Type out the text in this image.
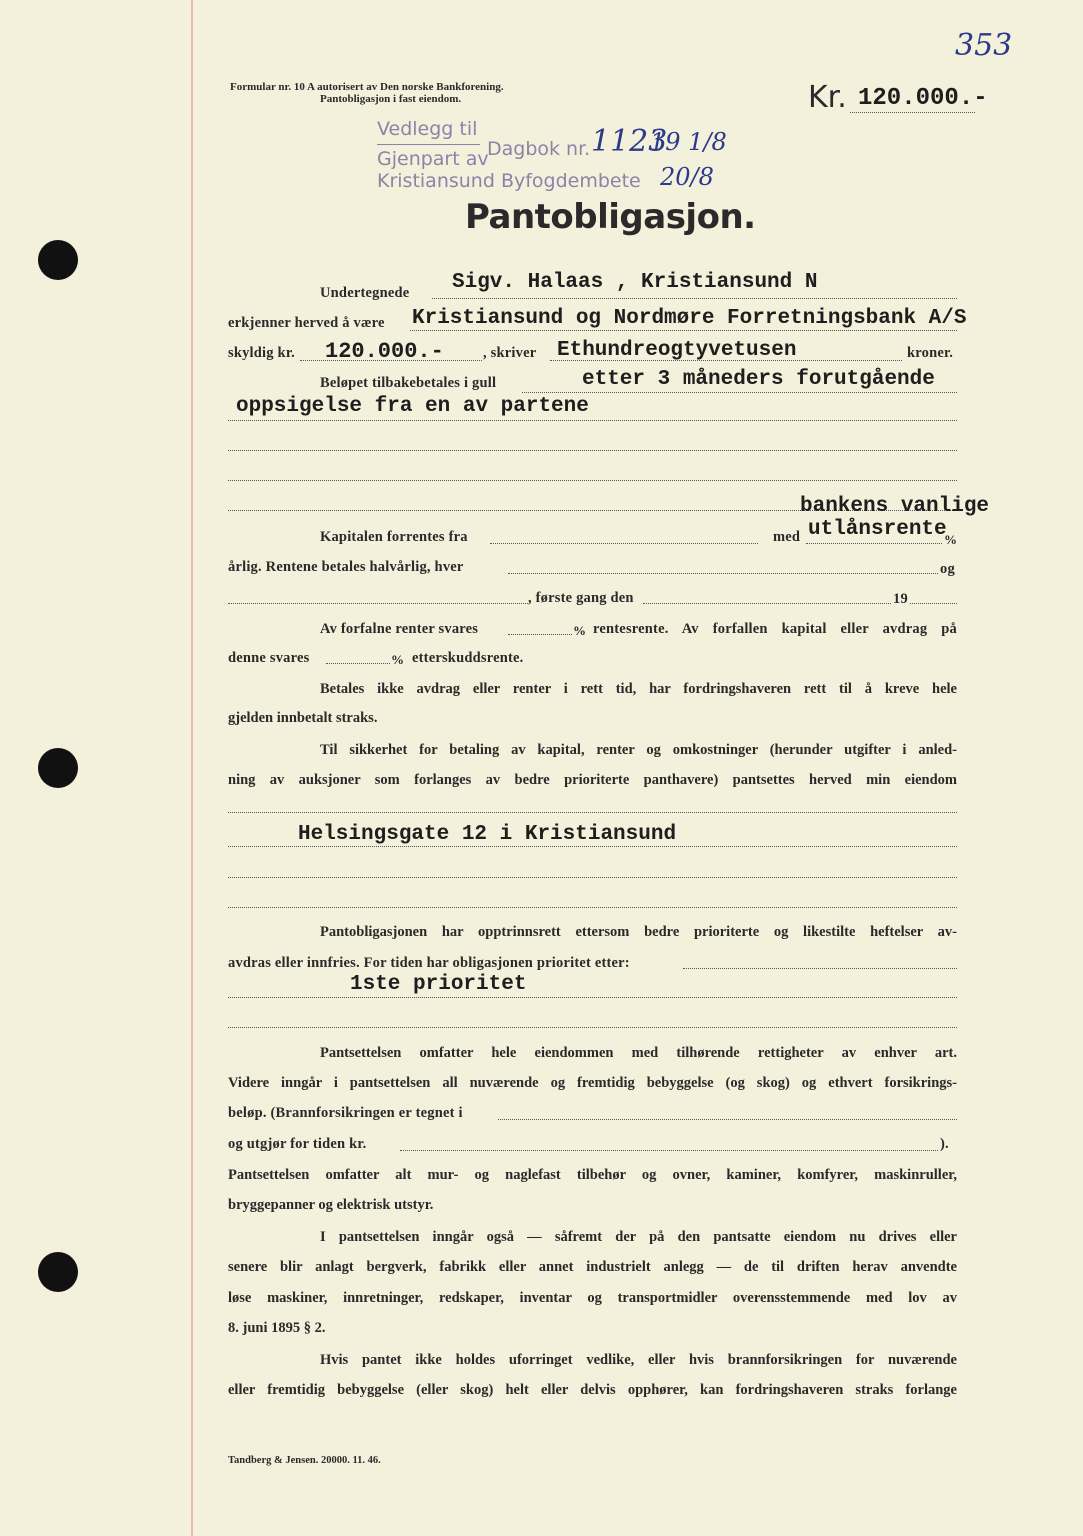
353
Formular nr. 10 A autorisert av Den norske Bankforening.
Pantobligasjon i fast eiendom.	Kr. 120.000.-
Vedlegg til
Dagbok nr. 1123
19 1/8
Gjenpart av
Kristiansund Byfogdembete 20/8
Pantobligasjon.
Undertegnede Sigv. Halaas , Kristiansund N
erkjenner herved å være Kristiansund og Nordmøre Forretningsbank A/S
skyldig kr. 120.000.-	, skriver Ethundreogtyvetusen	kroner.
Beløpet tilbakebetales i gull	etter 3 måneders forutgående
oppsigelse fra en av partene
bankens vanlige
Kapitalen forrentes fra	med utlånsrente
%
årlig. Rentene betales halvårlig, hver	og
, første gang den	19
Av forfalne renter svares	% rentesrente. Av forfallen kapital eller avdrag på
denne svares	% etterskuddsrente.
Betales ikke avdrag eller renter i rett tid, har fordringshaveren rett til å kreve hele
gjelden innbetalt straks.
Til sikkerhet for betaling av kapital, renter og omkostninger (herunder utgifter i anled-
ning av auksjoner som forlanges av bedre prioriterte panthavere) pantsettes herved min eiendom
Helsingsgate 12 i Kristiansund
Pantobligasjonen har opptrinnsrett ettersom bedre prioriterte og likestilte heftelser av-
avdras eller innfries. For tiden har obligasjonen prioritet etter:
1ste prioritet
Pantsettelsen omfatter hele eiendommen med tilhørende rettigheter av enhver art.
Videre inngår i pantsettelsen all nuværende og fremtidig bebyggelse (og skog) og ethvert forsikrings-
beløp. (Brannforsikringen er tegnet i
og utgjør for tiden kr.	).
Pantsettelsen omfatter alt mur- og naglefast tilbehør og ovner, kaminer, komfyrer, maskinruller,
bryggepanner og elektrisk utstyr.
I pantsettelsen inngår også — såfremt der på den pantsatte eiendom nu drives eller
senere blir anlagt bergverk, fabrikk eller annet industrielt anlegg — de til driften herav anvendte
løse maskiner, innretninger, redskaper, inventar og transportmidler overensstemmende med lov av
8. juni 1895 § 2.
Hvis pantet ikke holdes uforringet vedlike, eller hvis brannforsikringen for nuværende
eller fremtidig bebyggelse (eller skog) helt eller delvis opphører, kan fordringshaveren straks forlange
Tandberg & Jensen. 20000. 11. 46.
